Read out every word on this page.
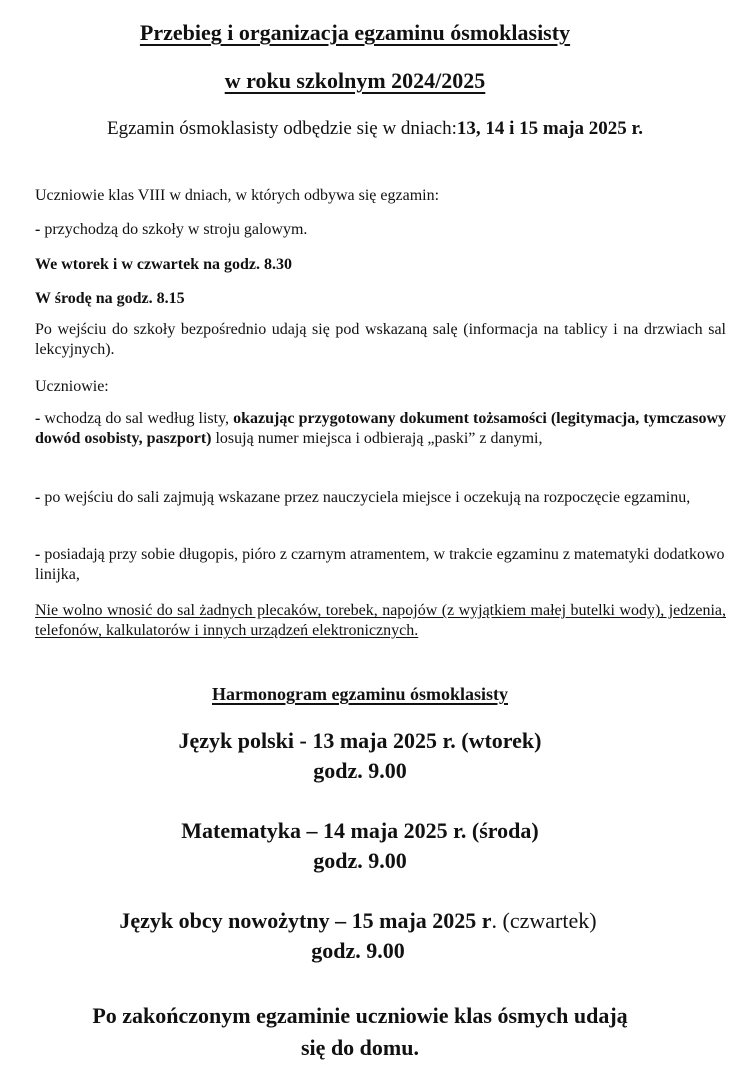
Przebieg i organizacja egzaminu ósmoklasisty
w roku szkolnym 2024/2025
Egzamin ósmoklasisty odbędzie się w dniach:13, 14 i 15 maja 2025 r.
Uczniowie klas VIII w dniach, w których odbywa się egzamin:
- przychodzą do szkoły w stroju galowym.
We wtorek i w czwartek na godz. 8.30
W środę na godz. 8.15
Po wejściu do szkoły bezpośrednio udają się pod wskazaną salę (informacja na tablicy i na drzwiach sal lekcyjnych).
Uczniowie:
- wchodzą do sal według listy, okazując przygotowany dokument tożsamości (legitymacja, tymczasowy dowód osobisty, paszport) losują numer miejsca i odbierają „paski” z danymi,
- po wejściu do sali zajmują wskazane przez nauczyciela miejsce i oczekują na rozpoczęcie egzaminu,
- posiadają przy sobie długopis, pióro z czarnym atramentem, w trakcie egzaminu z matematyki dodatkowo linijka,
Nie wolno wnosić do sal żadnych plecaków, torebek, napojów (z wyjątkiem małej butelki wody), jedzenia, telefonów, kalkulatorów i innych urządzeń elektronicznych.
Harmonogram egzaminu ósmoklasisty
Język polski - 13 maja 2025 r. (wtorek)
godz. 9.00
Matematyka – 14 maja 2025 r. (środa)
godz. 9.00
Język obcy nowożytny – 15 maja 2025 r. (czwartek)
godz. 9.00
Po zakończonym egzaminie uczniowie klas ósmych udają
się do domu.
